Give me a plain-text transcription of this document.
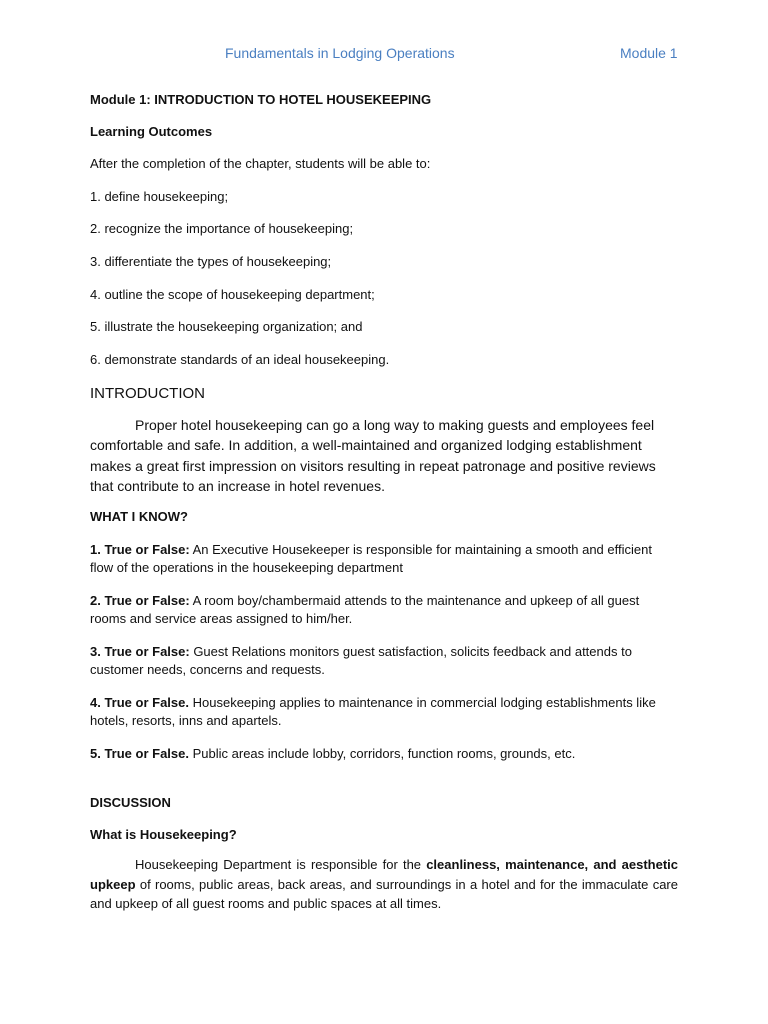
Fundamentals in Lodging Operations	Module 1
Module 1: INTRODUCTION TO HOTEL HOUSEKEEPING
Learning Outcomes
After the completion of the chapter, students will be able to:
1. define housekeeping;
2. recognize the importance of housekeeping;
3. differentiate the types of housekeeping;
4. outline the scope of housekeeping department;
5. illustrate the housekeeping organization; and
6. demonstrate standards of an ideal housekeeping.
INTRODUCTION

Proper hotel housekeeping can go a long way to making guests and employees feel comfortable and safe. In addition, a well-maintained and organized lodging establishment makes a great first impression on visitors resulting in repeat patronage and positive reviews that contribute to an increase in hotel revenues.

WHAT I KNOW?

1. True or False: An Executive Housekeeper is responsible for maintaining a smooth and efficient flow of the operations in the housekeeping department

2. True or False: A room boy/chambermaid attends to the maintenance and upkeep of all guest rooms and service areas assigned to him/her.

3. True or False: Guest Relations monitors guest satisfaction, solicits feedback and attends to customer needs, concerns and requests.

4. True or False. Housekeeping applies to maintenance in commercial lodging establishments like hotels, resorts, inns and apartels.

5. True or False. Public areas include lobby, corridors, function rooms, grounds, etc.

DISCUSSION
What is Housekeeping?

Housekeeping Department is responsible for the cleanliness, maintenance, and aesthetic upkeep of rooms, public areas, back areas, and surroundings in a hotel and for the immaculate care and upkeep of all guest rooms and public spaces at all times.
